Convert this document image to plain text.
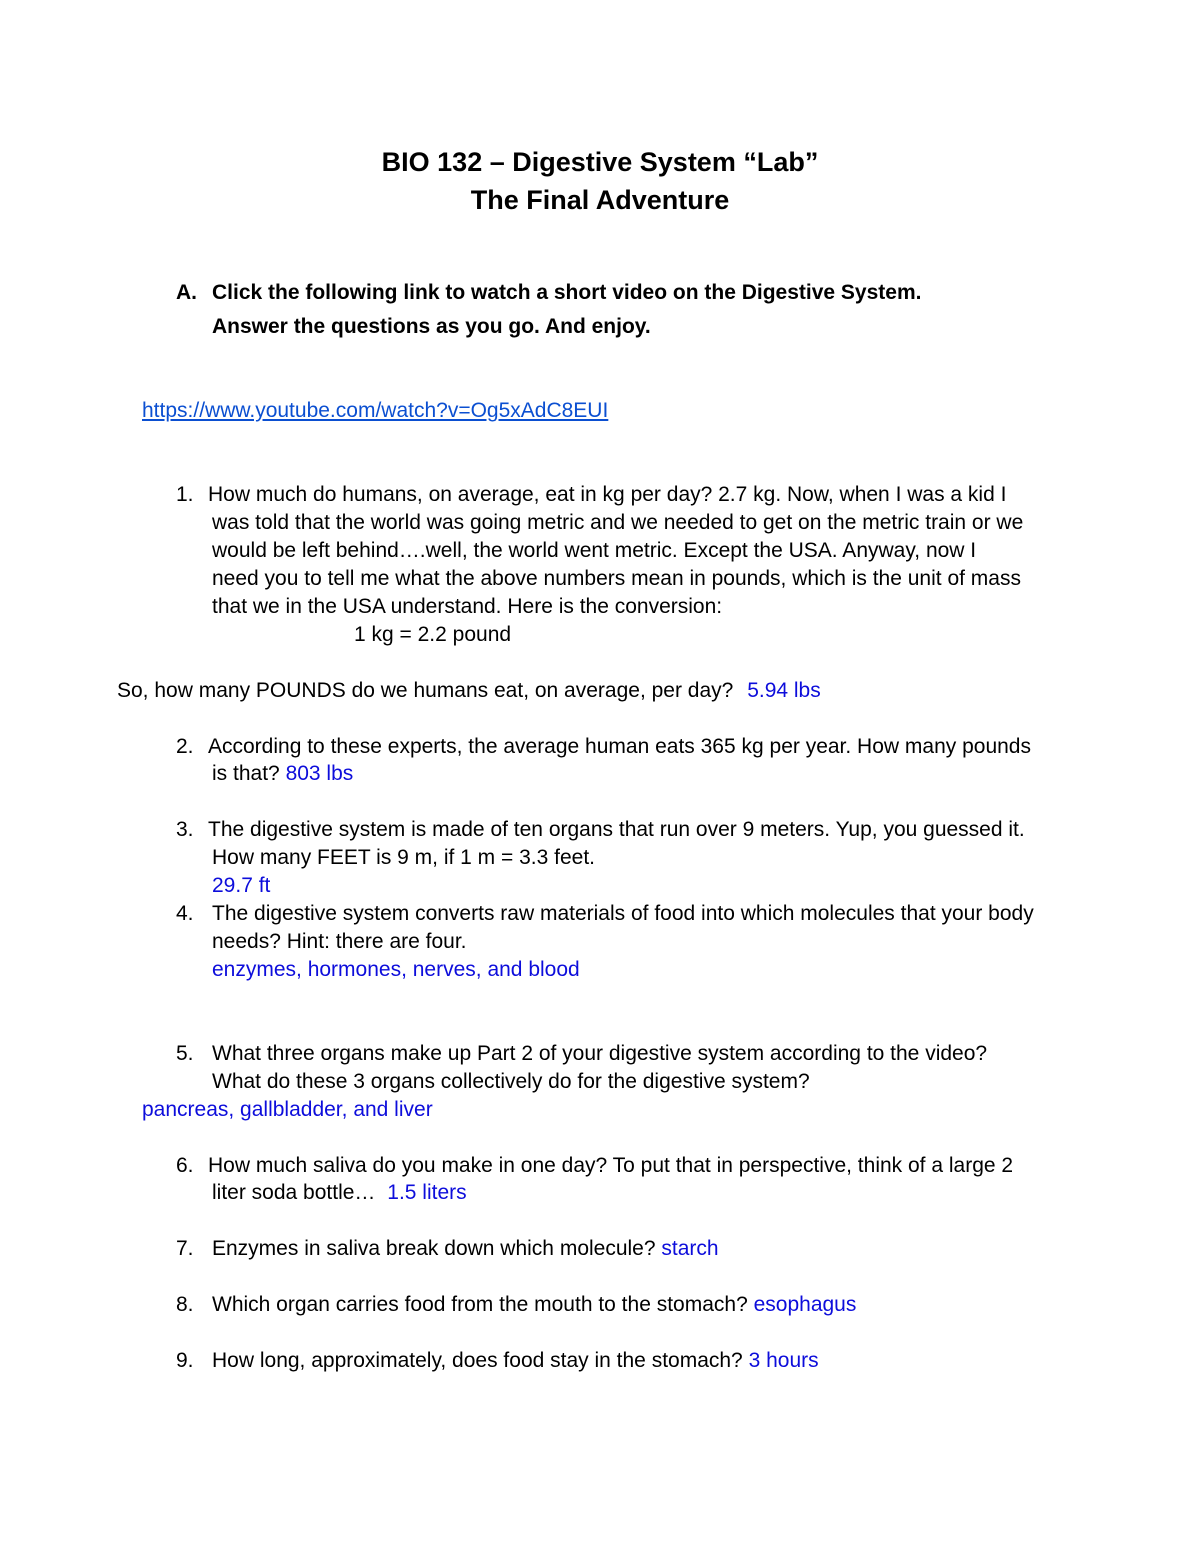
BIO 132 – Digestive System “Lab”
The Final Adventure
A. Click the following link to watch a short video on the Digestive System.
Answer the questions as you go. And enjoy.
https://www.youtube.com/watch?v=Og5xAdC8EUI
1. How much do humans, on average, eat in kg per day? 2.7 kg. Now, when I was a kid I
was told that the world was going metric and we needed to get on the metric train or we
would be left behind….well, the world went metric. Except the USA. Anyway, now I
need you to tell me what the above numbers mean in pounds, which is the unit of mass
that we in the USA understand. Here is the conversion:
1 kg = 2.2 pound
So, how many POUNDS do we humans eat, on average, per day? 5.94 lbs
2. According to these experts, the average human eats 365 kg per year. How many pounds
is that? 803 lbs
3. The digestive system is made of ten organs that run over 9 meters. Yup, you guessed it.
How many FEET is 9 m, if 1 m = 3.3 feet.
29.7 ft
4. The digestive system converts raw materials of food into which molecules that your body
needs? Hint: there are four.
enzymes, hormones, nerves, and blood
5. What three organs make up Part 2 of your digestive system according to the video?
What do these 3 organs collectively do for the digestive system?
pancreas, gallbladder, and liver
6. How much saliva do you make in one day? To put that in perspective, think of a large 2
liter soda bottle… 1.5 liters
7. Enzymes in saliva break down which molecule? starch
8. Which organ carries food from the mouth to the stomach? esophagus
9. How long, approximately, does food stay in the stomach? 3 hours
